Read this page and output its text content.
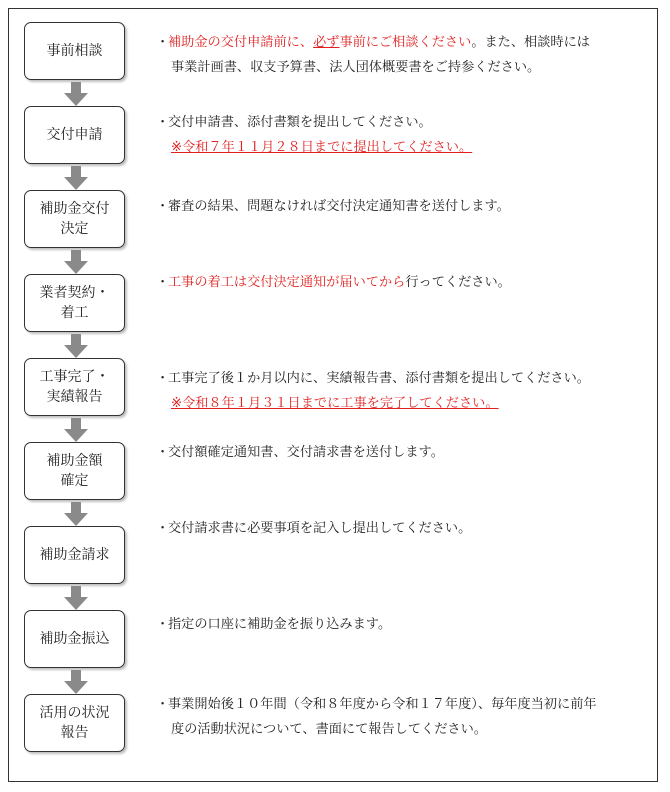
事前相談
・補助金の交付申請前に、必ず事前にご相談ください。また、相談時には
事業計画書、収支予算書、法人団体概要書をご持参ください。
交付申請
・交付申請書、添付書類を提出してください。
※令和７年１１月２８日までに提出してください。
補助金交付
決定
・審査の結果、問題なければ交付決定通知書を送付します。
業者契約・
着工
・工事の着工は交付決定通知が届いてから行ってください。
工事完了・
実績報告
・工事完了後１か月以内に、実績報告書、添付書類を提出してください。
※令和８年１月３１日までに工事を完了してください。
補助金額
確定
・交付額確定通知書、交付請求書を送付します。
補助金請求
・交付請求書に必要事項を記入し提出してください。
補助金振込
・指定の口座に補助金を振り込みます。
活用の状況
報告
・事業開始後１０年間（令和８年度から令和１７年度）、毎年度当初に前年
度の活動状況について、書面にて報告してください。
